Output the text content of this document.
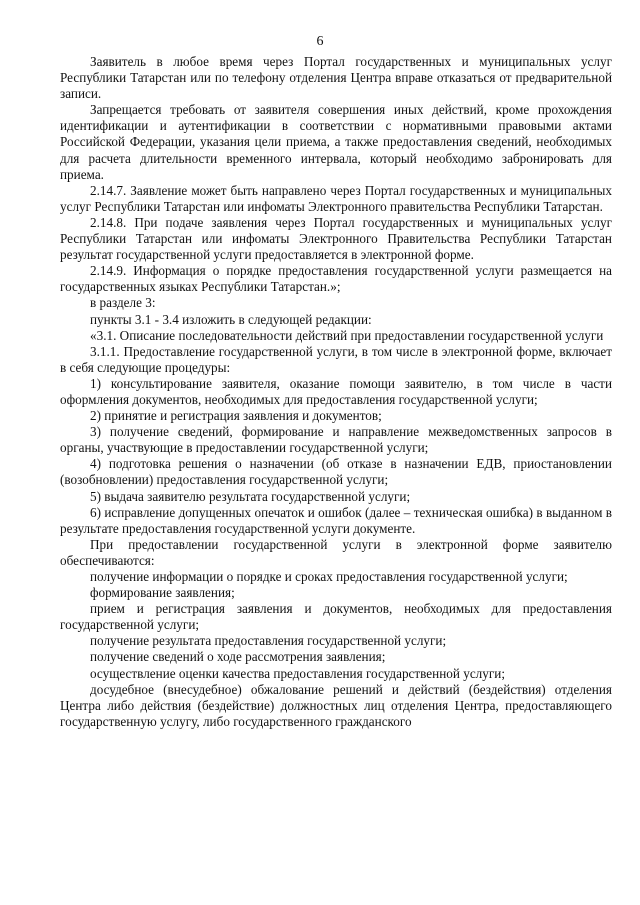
6

Заявитель в любое время через Портал государственных и муниципальных услуг Республики Татарстан или по телефону отделения Центра вправе отказаться от предварительной записи.

Запрещается требовать от заявителя совершения иных действий, кроме прохождения идентификации и аутентификации в соответствии с нормативными правовыми актами Российской Федерации, указания цели приема, а также предоставления сведений, необходимых для расчета длительности временного интервала, который необходимо забронировать для приема.

2.14.7. Заявление может быть направлено через Портал государственных и муниципальных услуг Республики Татарстан или инфоматы Электронного правительства Республики Татарстан.

2.14.8. При подаче заявления через Портал государственных и муниципальных услуг Республики Татарстан или инфоматы Электронного Правительства Республики Татарстан результат государственной услуги предоставляется в электронной форме.

2.14.9. Информация о порядке предоставления государственной услуги размещается на государственных языках Республики Татарстан.»;

в разделе 3:

пункты 3.1 - 3.4 изложить в следующей редакции:

«3.1. Описание последовательности действий при предоставлении государственной услуги

3.1.1. Предоставление государственной услуги, в том числе в электронной форме, включает в себя следующие процедуры:

1) консультирование заявителя, оказание помощи заявителю, в том числе в части оформления документов, необходимых для предоставления государственной услуги;

2) принятие и регистрация заявления и документов;

3) получение сведений, формирование и направление межведомственных запросов в органы, участвующие в предоставлении государственной услуги;

4) подготовка решения о назначении (об отказе в назначении ЕДВ, приостановлении (возобновлении) предоставления государственной услуги;

5) выдача заявителю результата государственной услуги;

6) исправление допущенных опечаток и ошибок (далее – техническая ошибка) в выданном в результате предоставления государственной услуги документе.

При предоставлении государственной услуги в электронной форме заявителю обеспечиваются:

получение информации о порядке и сроках предоставления государственной услуги;

формирование заявления;

прием и регистрация заявления и документов, необходимых для предоставления государственной услуги;

получение результата предоставления государственной услуги;

получение сведений о ходе рассмотрения заявления;

осуществление оценки качества предоставления государственной услуги;

досудебное (внесудебное) обжалование решений и действий (бездействия) отделения Центра либо действия (бездействие) должностных лиц отделения Центра, предоставляющего государственную услугу, либо государственного гражданского
